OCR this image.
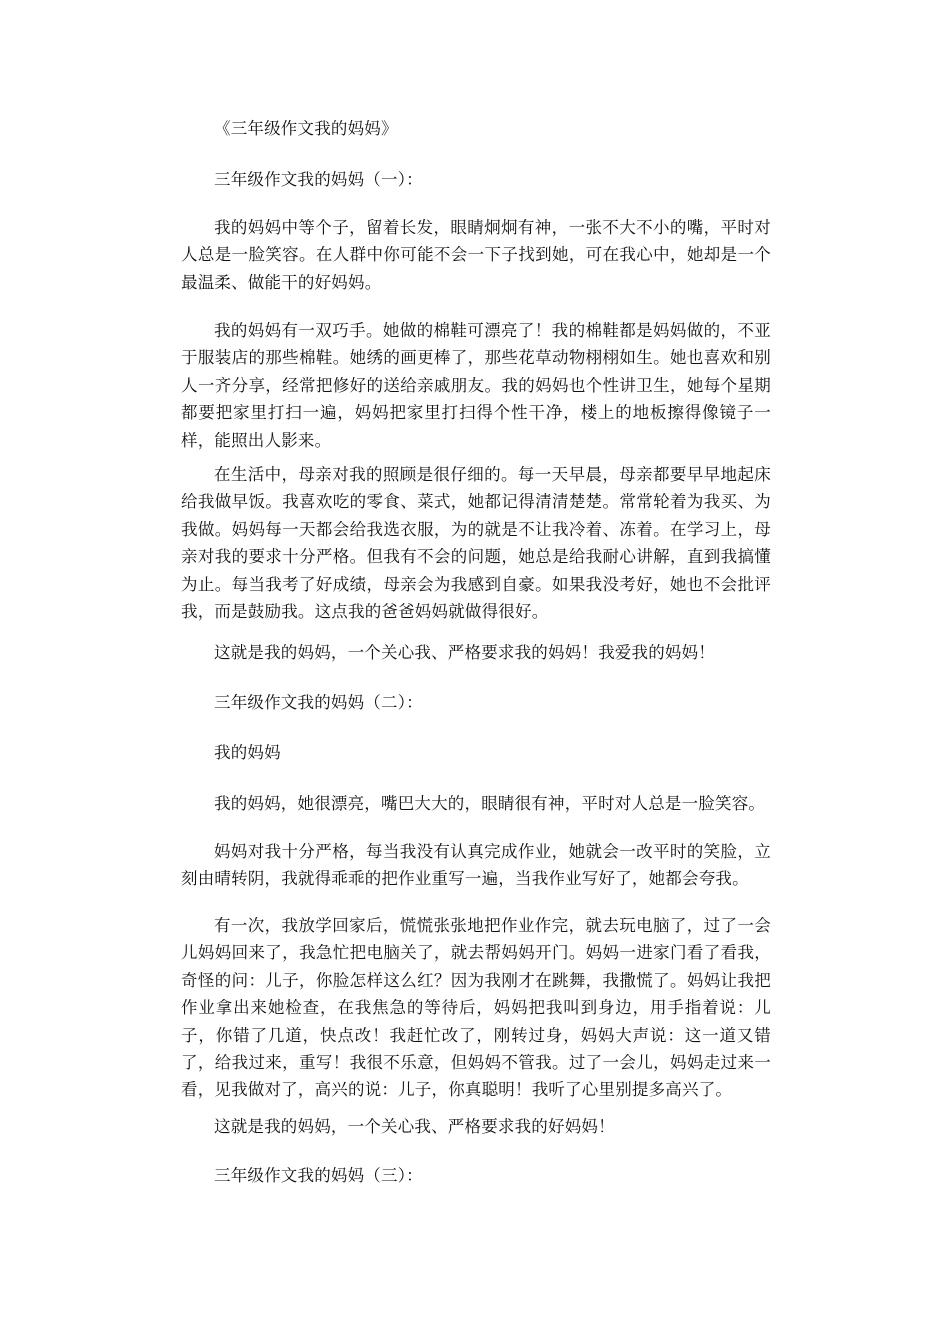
《三年级作文我的妈妈》

三年级作文我的妈妈（一）：

我的妈妈中等个子，留着长发，眼睛炯炯有神，一张不大不小的嘴，平时对人总是一脸笑容。在人群中你可能不会一下子找到她，可在我心中，她却是一个最温柔、做能干的好妈妈。

我的妈妈有一双巧手。她做的棉鞋可漂亮了！我的棉鞋都是妈妈做的，不亚于服装店的那些棉鞋。她绣的画更棒了，那些花草动物栩栩如生。她也喜欢和别人一齐分享，经常把修好的送给亲戚朋友。我的妈妈也个性讲卫生，她每个星期都要把家里打扫一遍，妈妈把家里打扫得个性干净，楼上的地板擦得像镜子一样，能照出人影来。

在生活中，母亲对我的照顾是很仔细的。每一天早晨，母亲都要早早地起床给我做早饭。我喜欢吃的零食、菜式，她都记得清清楚楚。常常轮着为我买、为我做。妈妈每一天都会给我选衣服，为的就是不让我冷着、冻着。在学习上，母亲对我的要求十分严格。但我有不会的问题，她总是给我耐心讲解，直到我搞懂为止。每当我考了好成绩，母亲会为我感到自豪。如果我没考好，她也不会批评我，而是鼓励我。这点我的爸爸妈妈就做得很好。

这就是我的妈妈，一个关心我、严格要求我的妈妈！我爱我的妈妈！

三年级作文我的妈妈（二）：

我的妈妈

我的妈妈，她很漂亮，嘴巴大大的，眼睛很有神，平时对人总是一脸笑容。

妈妈对我十分严格，每当我没有认真完成作业，她就会一改平时的笑脸，立刻由晴转阴，我就得乖乖的把作业重写一遍，当我作业写好了，她都会夸我。

有一次，我放学回家后，慌慌张张地把作业作完，就去玩电脑了，过了一会儿妈妈回来了，我急忙把电脑关了，就去帮妈妈开门。妈妈一进家门看了看我，奇怪的问：儿子，你脸怎样这么红？因为我刚才在跳舞，我撒慌了。妈妈让我把作业拿出来她检查，在我焦急的等待后，妈妈把我叫到身边，用手指着说：儿子，你错了几道，快点改！我赶忙改了，刚转过身，妈妈大声说：这一道又错了，给我过来，重写！我很不乐意，但妈妈不管我。过了一会儿，妈妈走过来一看，见我做对了，高兴的说：儿子，你真聪明！我听了心里别提多高兴了。

这就是我的妈妈，一个关心我、严格要求我的好妈妈！

三年级作文我的妈妈（三）：
